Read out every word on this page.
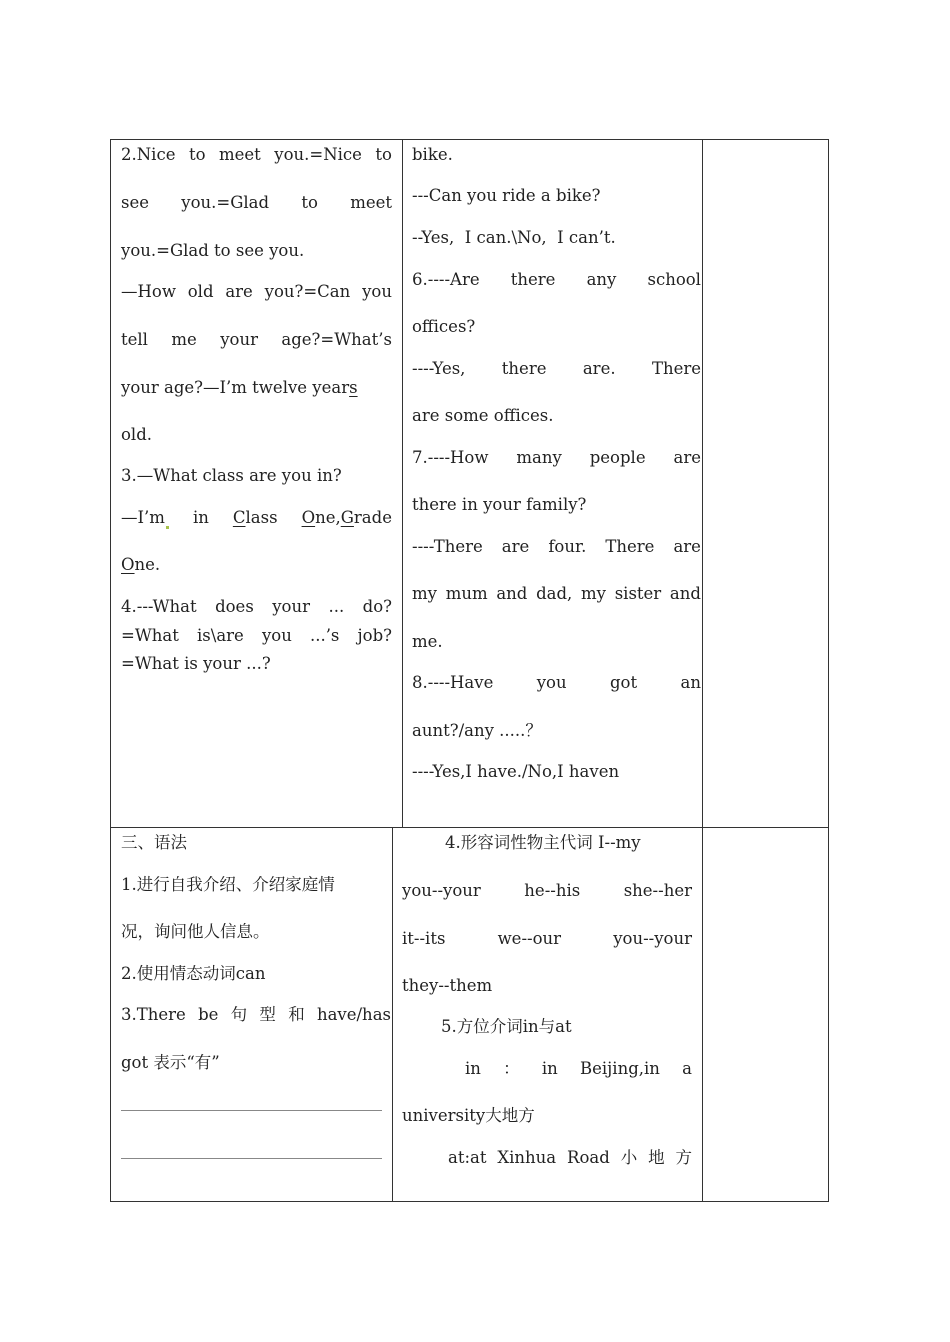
2.Nice to meet you.=Nice to
see you.=Glad to meet
you.=Glad to see you.
—How old are you?=Can you
tell me your age?=What’s
your age?—I’m twelve years
old.
3.—What class are you in?
—I’m in Class One,Grade
One.
4.---What does your ... do?
=What is\are you ...’s job?
=What is your ...?
bike.
---Can you ride a bike?
--Yes,  I can.\No,  I can’t.
6.----Are there any school
offices?
----Yes, there are. There
are some offices.
7.----How many people are
there in your family?
----There are four. There are
my mum and dad, my sister and
me.
8.----Have	you	got	an
aunt?/any .....？
----Yes,I have./No,I haven
三、语法
1.进行自我介绍、介绍家庭情
况，询问他人信息。
2.使用情态动词can
3.There be 句 型 和 have/has
got 表示“有”
4.形容词性物主代词 I--my
you--your	he--his	she--her
it--its	we--our	you--your
they--them
5.方位介词in与at
in ： in Beijing,in a
university大地方
at:at Xinhua Road 小 地 方
